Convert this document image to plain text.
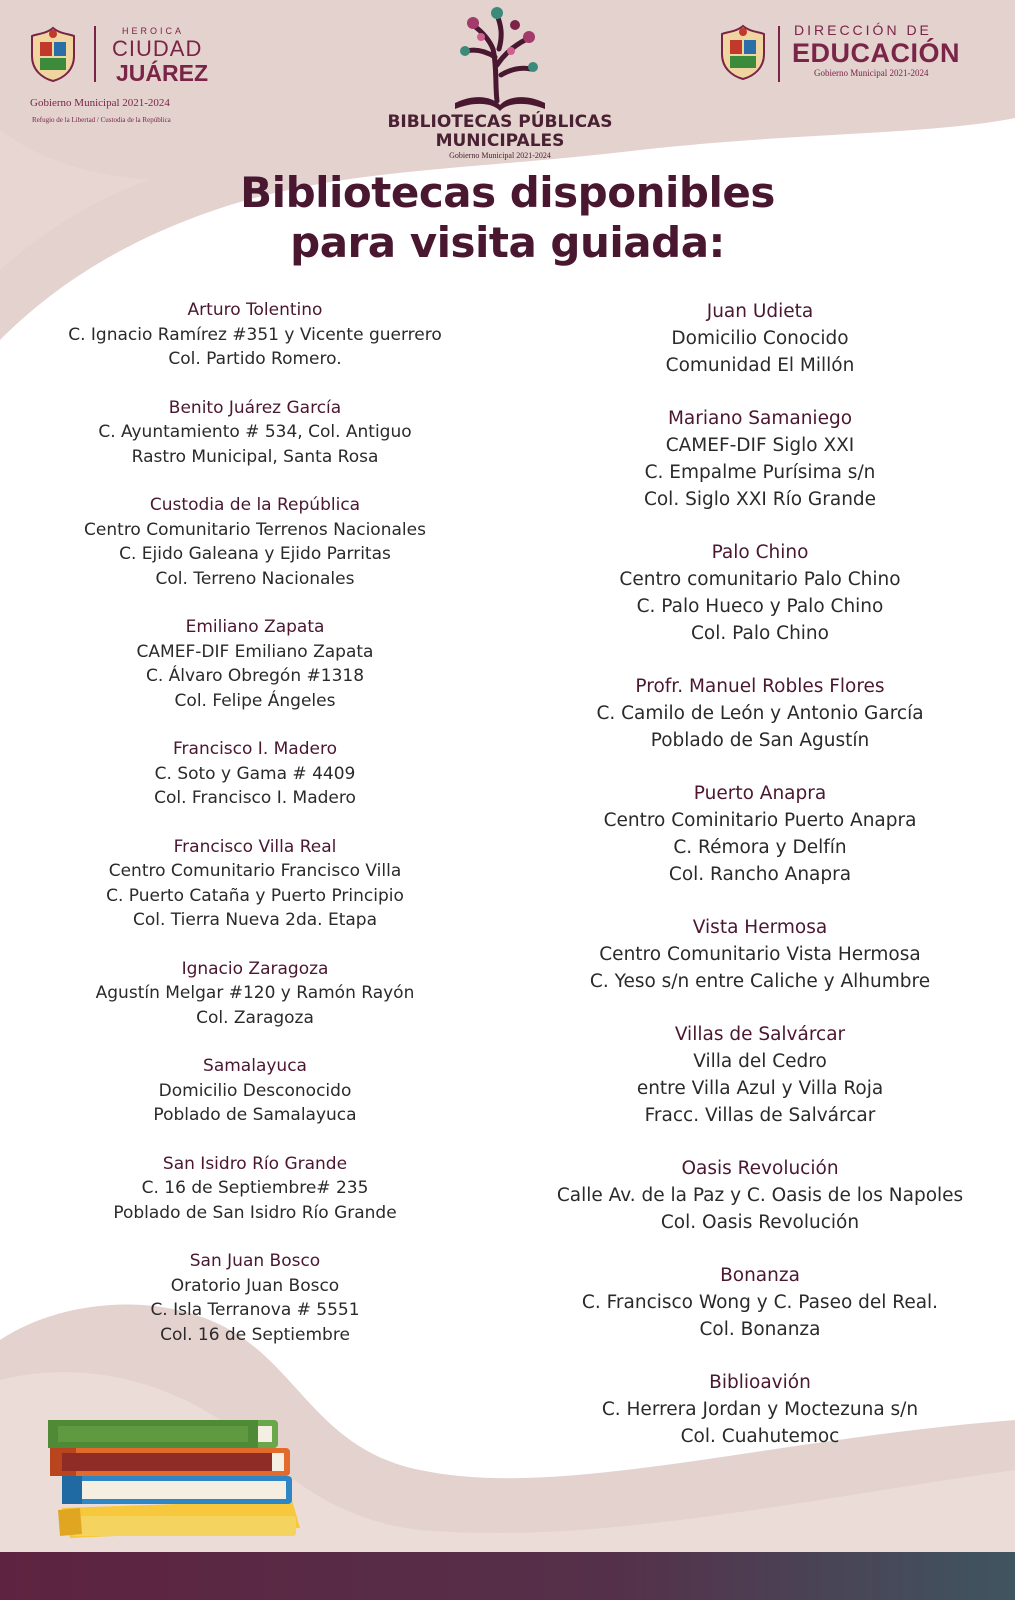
HEROICA
CIUDAD
JUÁREZ
Gobierno Municipal 2021-2024
Refugio de la Libertad / Custodia de la República	BIBLIOTECAS PÚBLICAS
MUNICIPALES
Gobierno Municipal 2021-2024
DIRECCIÓN DE
EDUCACIÓN
Gobierno Municipal 2021-2024
Bibliotecas disponibles
para visita guiada:
Arturo Tolentino
C. Ignacio Ramírez #351 y Vicente guerrero
Col. Partido Romero.
Benito Juárez García
C. Ayuntamiento # 534, Col. Antiguo
Rastro Municipal, Santa Rosa
Custodia de la República
Centro Comunitario Terrenos Nacionales
C. Ejido Galeana y Ejido Parritas
Col. Terreno Nacionales
Emiliano Zapata
CAMEF-DIF Emiliano Zapata
C. Álvaro Obregón #1318
Col. Felipe Ángeles
Francisco I. Madero
C. Soto y Gama # 4409
Col. Francisco I. Madero
Francisco Villa Real
Centro Comunitario Francisco Villa
C. Puerto Cataña y Puerto Principio
Col. Tierra Nueva 2da. Etapa
Ignacio Zaragoza
Agustín Melgar #120 y Ramón Rayón
Col. Zaragoza
Samalayuca
Domicilio Desconocido
Poblado de Samalayuca
San Isidro Río Grande
C. 16 de Septiembre# 235
Poblado de San Isidro Río Grande
San Juan Bosco
Oratorio Juan Bosco
C. Isla Terranova # 5551
Col. 16 de Septiembre
Juan Udieta
Domicilio Conocido
Comunidad El Millón
Mariano Samaniego
CAMEF-DIF Siglo XXI
C. Empalme Purísima s/n
Col. Siglo XXI Río Grande
Palo Chino
Centro comunitario Palo Chino
C. Palo Hueco y Palo Chino
Col. Palo Chino
Profr. Manuel Robles Flores
C. Camilo de León y Antonio García
Poblado de San Agustín
Puerto Anapra
Centro Cominitario Puerto Anapra
C. Rémora y Delfín
Col. Rancho Anapra
Vista Hermosa
Centro Comunitario Vista Hermosa
C. Yeso s/n entre Caliche y Alhumbre
Villas de Salvárcar
Villa del Cedro
entre Villa Azul y Villa Roja
Fracc. Villas de Salvárcar
Oasis Revolución
Calle Av. de la Paz y C. Oasis de los Napoles
Col. Oasis Revolución
Bonanza
C. Francisco Wong y C. Paseo del Real.
Col. Bonanza
Biblioavión
C. Herrera Jordan y Moctezuna s/n
Col. Cuahutemoc
